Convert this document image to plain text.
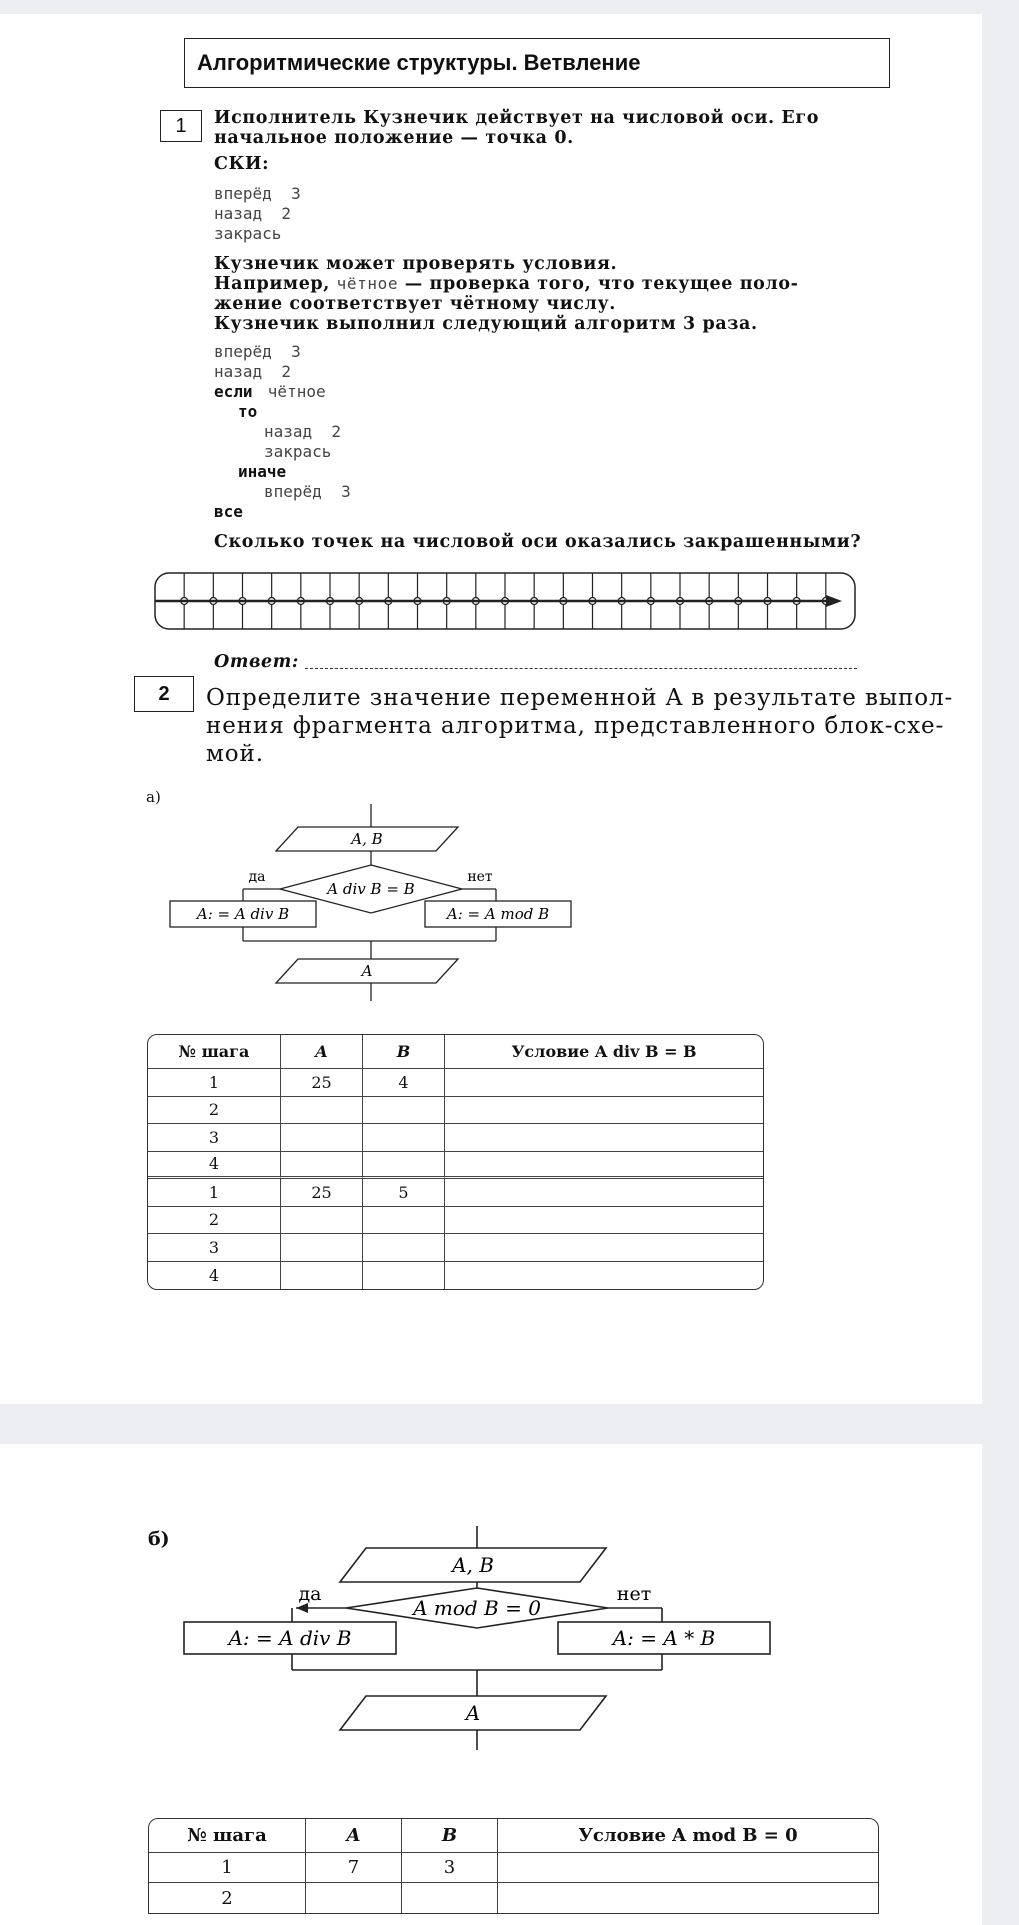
Алгоритмические структуры. Ветвление
1	Исполнитель Кузнечик действует на числовой оси. Его
начальное положение — точка 0.
СКИ:
вперёд  3
назад  2
закрась
Кузнечик может проверять условия.
Например, чётное — проверка того, что текущее поло-
жение соответствует чётному числу.
Кузнечик выполнил следующий алгоритм 3 раза.
вперёд  3
назад  2
если чётное
то
назад  2
закрась
иначе
вперёд  3
все
Сколько точек на числовой оси оказались закрашенными?
Ответ:
2	Определите значение переменной A в результате выпол-
нения фрагмента алгоритма, представленного блок-схе-
мой.
а)
A, B
A div B = B
да	нет
A: = A div B	A: = A mod B
A
№ шага	A	B	Условие A div B = B
1	25	4	
2			
3			
4			
1	25	5	
2			
3			
4			
б)
A, B
A mod B = 0
да	нет
A: = A div B	A: = A * B
A
№ шага	A	B	Условие A mod B = 0
1	7	3	
2			
